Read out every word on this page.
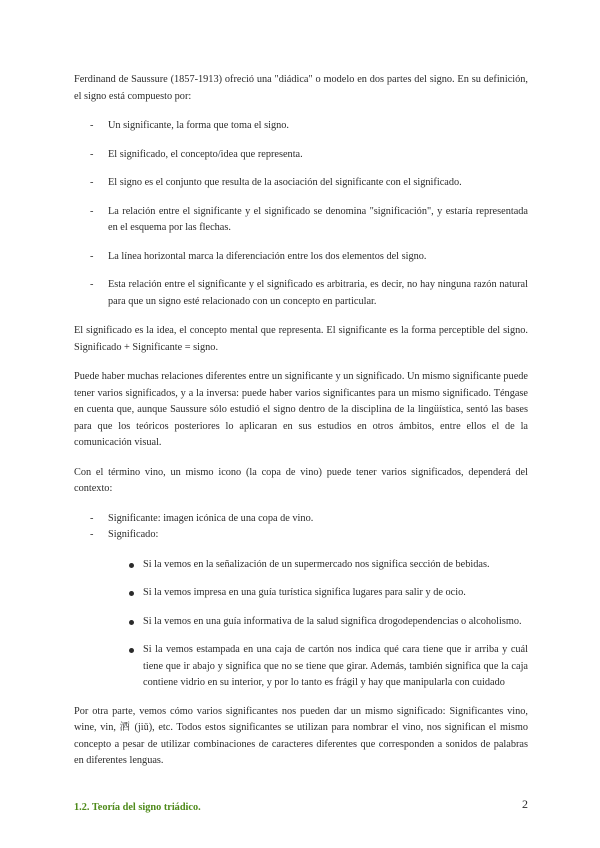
Ferdinand de Saussure (1857-1913) ofreció una "diádica" o modelo en dos partes del signo. En su definición, el signo está compuesto por:

- Un significante, la forma que toma el signo.
- El significado, el concepto/idea que representa.
- El signo es el conjunto que resulta de la asociación del significante con el significado.
- La relación entre el significante y el significado se denomina "significación", y estaría representada en el esquema por las flechas.
- La línea horizontal marca la diferenciación entre los dos elementos del signo.
- Esta relación entre el significante y el significado es arbitraria, es decir, no hay ninguna razón natural para que un signo esté relacionado con un concepto en particular.

El significado es la idea, el concepto mental que representa. El significante es la forma perceptible del signo. Significado + Significante = signo.

Puede haber muchas relaciones diferentes entre un significante y un significado. Un mismo significante puede tener varios significados, y a la inversa: puede haber varios significantes para un mismo significado. Téngase en cuenta que, aunque Saussure sólo estudió el signo dentro de la disciplina de la lingüística, sentó las bases para que los teóricos posteriores lo aplicaran en sus estudios en otros ámbitos, entre ellos el de la comunicación visual.

Con el término vino, un mismo icono (la copa de vino) puede tener varios significados, dependerá del contexto:

- Significante: imagen icónica de una copa de vino.
- Significado:
Si la vemos en la señalización de un supermercado nos significa sección de bebidas.
Si la vemos impresa en una guía turística significa lugares para salir y de ocio.
Si la vemos en una guía informativa de la salud significa drogodependencias o alcoholismo.
Si la vemos estampada en una caja de cartón nos indica qué cara tiene que ir arriba y cuál tiene que ir abajo y significa que no se tiene que girar. Además, también significa que la caja contiene vidrio en su interior, y por lo tanto es frágil y hay que manipularla con cuidado

Por otra parte, vemos cómo varios significantes nos pueden dar un mismo significado: Significantes vino, wine, vin, 酒 (jiǔ), etc. Todos estos significantes se utilizan para nombrar el vino, nos significan el mismo concepto a pesar de utilizar combinaciones de caracteres diferentes que corresponden a sonidos de palabras en diferentes lenguas.

1.2. Teoría del signo triádico.	2
